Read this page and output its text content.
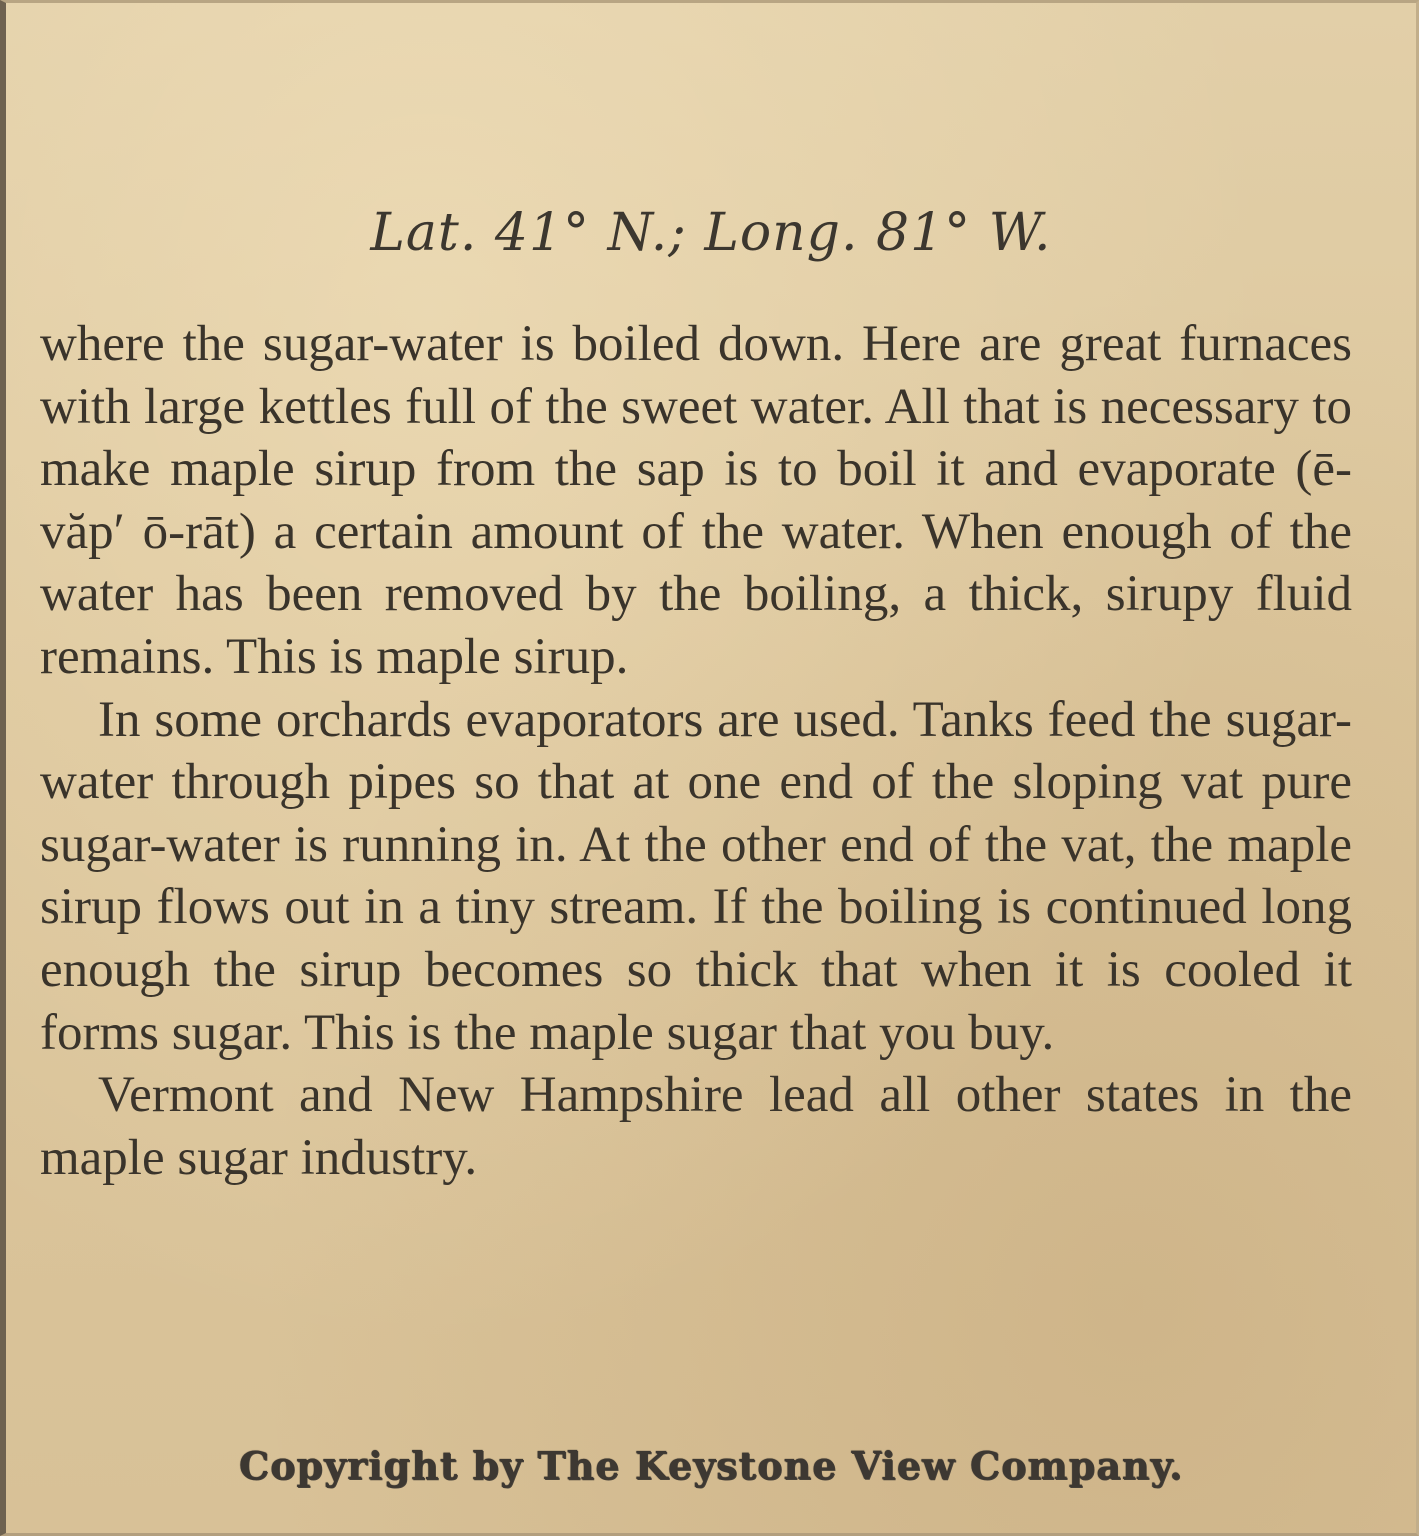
Lat. 41° N.; Long. 81° W.

where the sugar-water is boiled down. Here are great furnaces with large kettles full of the sweet water. All that is necessary to make maple sirup from the sap is to boil it and evaporate (ē-văp′ ō-rāt) a certain amount of the water. When enough of the water has been removed by the boiling, a thick, sirupy fluid remains. This is maple sirup.

In some orchards evaporators are used. Tanks feed the sugar-water through pipes so that at one end of the sloping vat pure sugar-water is running in. At the other end of the vat, the maple sirup flows out in a tiny stream. If the boiling is continued long enough the sirup becomes so thick that when it is cooled it forms sugar. This is the maple sugar that you buy.

Vermont and New Hampshire lead all other states in the maple sugar industry.

Copyright by The Keystone View Company.
